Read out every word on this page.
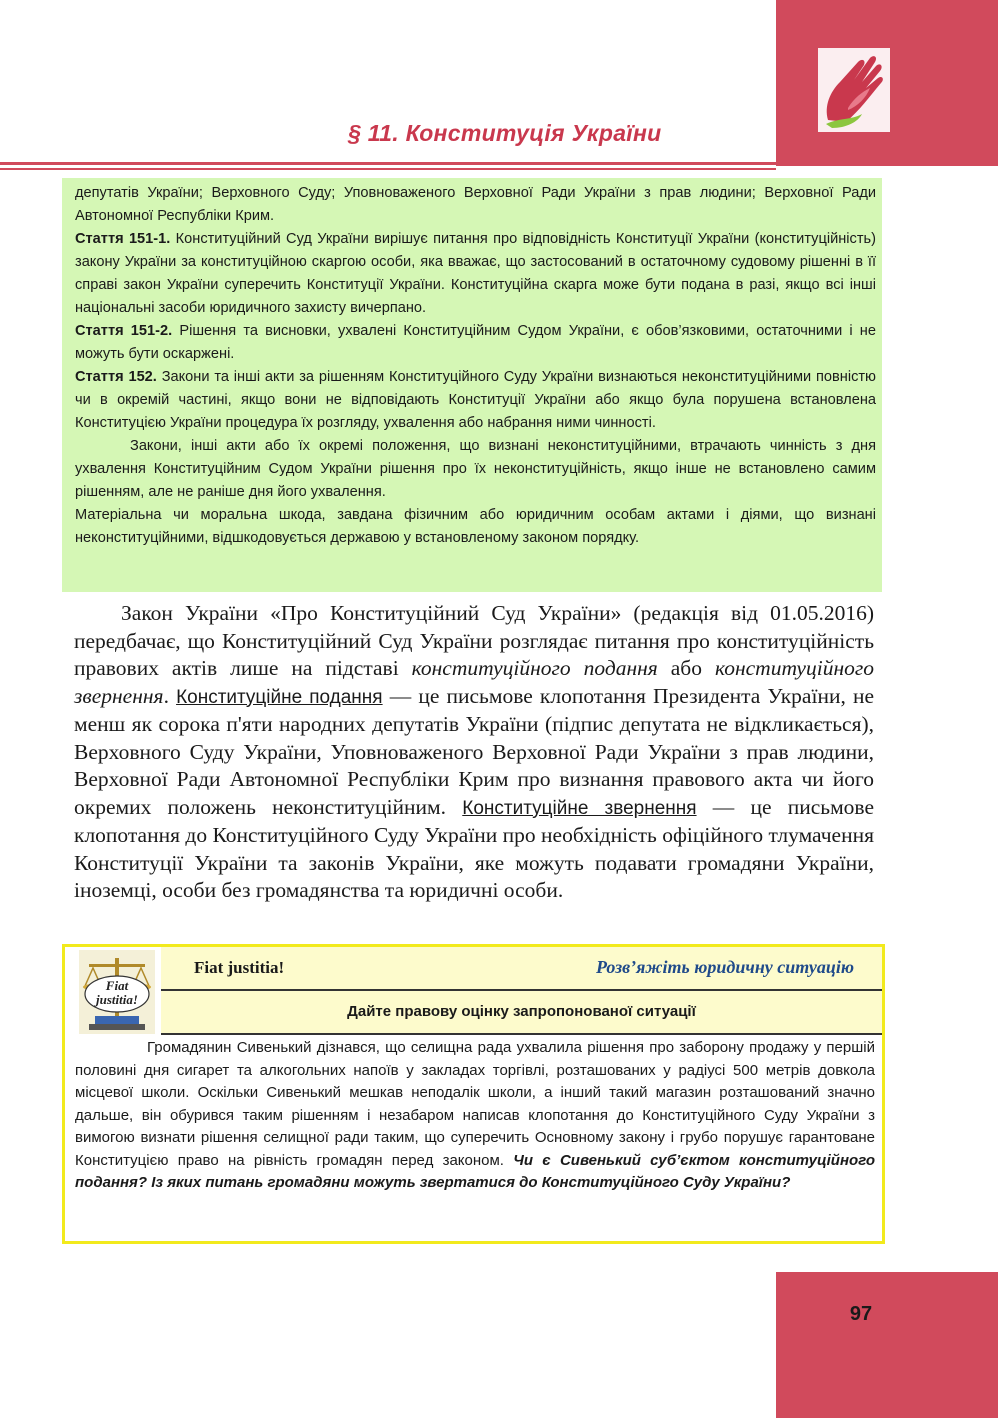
§ 11. Конституція України

депутатів України; Верховного Суду; Уповноваженого Верховної Ради України з прав людини; Верховної Ради Автономної Республіки Крим.

Стаття 151-1. Конституційний Суд України вирішує питання про відповідність Конституції України (конституційність) закону України за конституційною скаргою особи, яка вважає, що застосований в остаточному судовому рішенні в її справі закон України суперечить Конституції України. Конституційна скарга може бути подана в разі, якщо всі інші національні засоби юридичного захисту вичерпано.

Стаття 151-2. Рішення та висновки, ухвалені Конституційним Судом України, є обов’язковими, остаточними і не можуть бути оскаржені.

Стаття 152. Закони та інші акти за рішенням Конституційного Суду України визнаються неконституційними повністю чи в окремій частині, якщо вони не відповідають Конституції України або якщо була порушена встановлена Конституцією України процедура їх розгляду, ухвалення або набрання ними чинності.

Закони, інші акти або їх окремі положення, що визнані неконституційними, втрачають чинність з дня ухвалення Конституційним Судом України рішення про їх неконституційність, якщо інше не встановлено самим рішенням, але не раніше дня його ухвалення.

Матеріальна чи моральна шкода, завдана фізичним або юридичним особам актами і діями, що визнані неконституційними, відшкодовується державою у встановленому законом порядку.

Закон України «Про Конституційний Суд України» (редакція від 01.05.2016) передбачає, що Конституційний Суд України розглядає питання про конституційність правових актів лише на підставі конституційного подання або конституційного звернення. Конституційне подання — це письмове клопотання Президента України, не менш як сорока п'яти народних депутатів України (підпис депутата не відкликається), Верховного Суду України, Уповноваженого Верховної Ради України з прав людини, Верховної Ради Автономної Республіки Крим про визнання правового акта чи його окремих положень неконституційним. Конституційне звернення — це письмове клопотання до Конституційного Суду України про необхідність офіційного тлумачення Конституції України та законів України, яке можуть подавати громадяни України, іноземці, особи без громадянства та юридичні особи.

Fiat
justitia!
Fiat justitia!	Розв’яжіть юридичну ситуацію
Дайте правову оцінку запропонованої ситуації

Громадянин Сивенький дізнався, що селищна рада ухвалила рішення про заборону продажу у першій половині дня сигарет та алкогольних напоїв у закладах торгівлі, розташованих у радіусі 500 метрів довкола місцевої школи. Оскільки Сивенький мешкав неподалік школи, а інший такий магазин розташований значно дальше, він обурився таким рішенням і незабаром написав клопотання до Конституційного Суду України з вимогою визнати рішення селищної ради таким, що суперечить Основному закону і грубо порушує гарантоване Конституцією право на рівність громадян перед законом. Чи є Сивенький суб’єктом конституційного подання? Із яких питань громадяни можуть звертатися до Конституційного Суду України?

97
